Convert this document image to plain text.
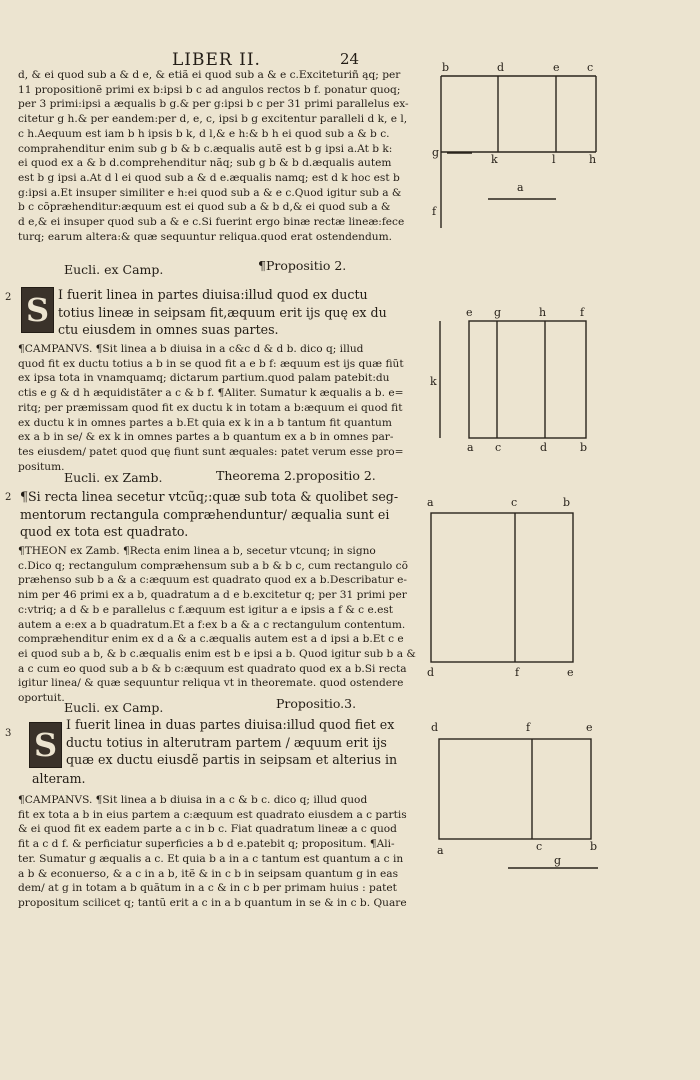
LIBER II.	24
d, & ei quod sub a & d e, & etiã ei quod sub a & e c.Exciteturiñ ąq; per
11 propositionẽ primi ex b:ipsi b c ad angulos rectos b f. ponatur quoq;
per 3 primi:ipsi a æqualis b g.& per g:ipsi b c per 31 primi parallelus ex-
citetur g h.& per eandem:per d, e, c, ipsi b g excitentur paralleli d k, e l,
c h.Aequum est iam b h ipsis b k, d l,& e h:& b h ei quod sub a & b c.
comprahenditur enim sub g b & b c.æqualis autẽ est b g ipsi a.At b k:
ei quod ex a & b d.comprehenditur nãq; sub g b & b d.æqualis autem
est b g ipsi a.At d l ei quod sub a & d e.æqualis namq; est d k hoc est b
g:ipsi a.Et insuper similiter e h:ei quod sub a & e c.Quod igitur sub a &
b c cõpræhenditur:æquum est ei quod sub a & b d,& ei quod sub a &
d e,& ei insuper quod sub a & e c.Si fuerint ergo binæ rectæ lineæ:fece
turq; earum altera:& quæ sequuntur reliqua.quod erat ostendendum.
Eucli. ex Camp.	¶Propositio 2.
2 S I fuerit linea in partes diuisa:illud quod ex ductu
totius lineæ in seipsam fit,æquum erit ijs quę ex du
ctu eiusdem in omnes suas partes.
¶CAMPANVS. ¶Sit linea a b diuisa in a c&c d & d b. dico q; illud
quod fit ex ductu totius a b in se quod fit a e b f: æquum est ijs quæ fiũt
ex ipsa tota in vnamquamq; dictarum partium.quod palam patebit:du
ctis e g & d h æquidistãter a c & b f. ¶Aliter. Sumatur k æqualis a b. e=
ritq; per præmissam quod fit ex ductu k in totam a b:æquum ei quod fit
ex ductu k in omnes partes a b.Et quia ex k in a b tantum fit quantum
ex a b in se/ & ex k in omnes partes a b quantum ex a b in omnes par-
tes eiusdem/ patet quod quę fiunt sunt æquales: patet verum esse pro=
positum.
Eucli. ex Zamb.	Theorema 2.propositio 2.
2 ¶Si recta linea secetur vtcũq;:quæ sub tota & quolibet seg-
mentorum rectangula compræhenduntur/ æqualia sunt ei
quod ex tota est quadrato.
¶THEON ex Zamb. ¶Recta enim linea a b, secetur vtcunq; in signo
c.Dico q; rectangulum compræhensum sub a b & b c, cum rectangulo cõ
præhenso sub b a & a c:æquum est quadrato quod ex a b.Describatur e-
nim per 46 primi ex a b, quadratum a d e b.excitetur q; per 31 primi per
c:vtriq; a d & b e parallelus c f.æquum est igitur a e ipsis a f & c e.est
autem a e:ex a b quadratum.Et a f:ex b a & a c rectangulum contentum.
compræhenditur enim ex d a & a c.æqualis autem est a d ipsi a b.Et c e
ei quod sub a b, & b c.æqualis enim est b e ipsi a b. Quod igitur sub b a &
a c cum eo quod sub a b & b c:æquum est quadrato quod ex a b.Si recta
igitur linea/ & quæ sequuntur reliqua vt in theoremate. quod ostendere
oportuit.
Eucli. ex Camp.	Propositio.3.
3 S
I fuerit linea in duas partes diuisa:illud quod fiet ex
ductu totius in alterutram partem / æquum erit ijs
quæ ex ductu eiusdẽ partis in seipsam et alterius in
alteram.
¶CAMPANVS. ¶Sit linea a b diuisa in a c & b c. dico q; illud quod
fit ex tota a b in eius partem a c:æquum est quadrato eiusdem a c partis
& ei quod fit ex eadem parte a c in b c. Fiat quadratum lineæ a c quod
fit a c d f. & perficiatur superficies a b d e.patebit q; propositum. ¶Ali-
ter. Sumatur g æqualis a c. Et quia b a in a c tantum est quantum a c in
a b & econuerso, & a c in a b, itẽ & in c b in seipsam quantum g in eas
dem/ at g in totam a b quãtum in a c & in c b per primam huius : patet
propositum scilicet q; tantũ erit a c in a b quantum in se & in c b. Quare
b	d	e c
g
k	l	h
f
a
e g	h	f
k
a c	d	b
a	c	b
d	f	e
d	f	e
a	c	b
g
